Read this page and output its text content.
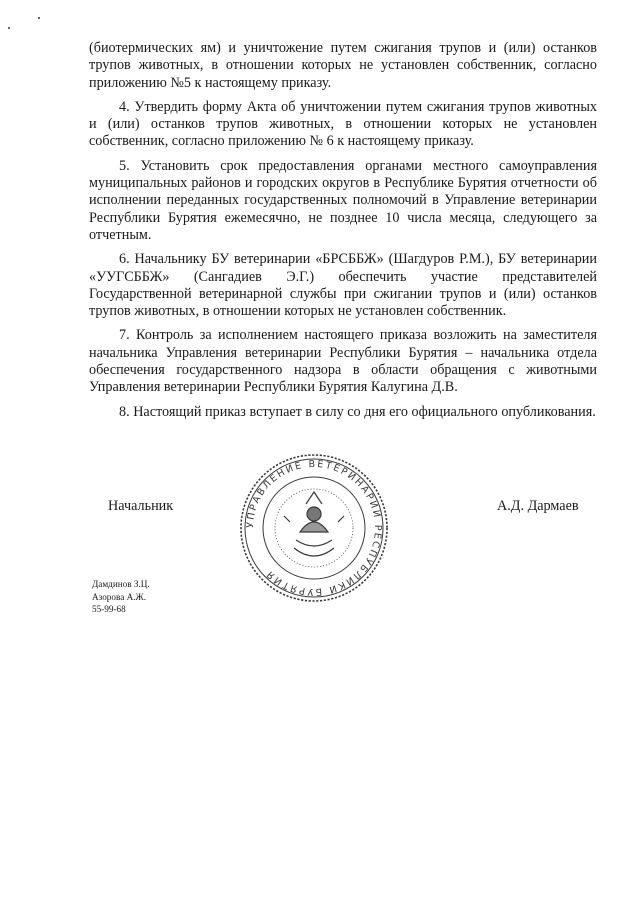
(биотермических ям) и уничтожение путем сжигания трупов и (или) останков трупов животных, в отношении которых не установлен собственник, согласно приложению №5 к настоящему приказу.

4. Утвердить форму Акта об уничтожении путем сжигания трупов животных и (или) останков трупов животных, в отношении которых не установлен собственник, согласно приложению № 6 к настоящему приказу.

5. Установить срок предоставления органами местного самоуправления муниципальных районов и городских округов в Республике Бурятия отчетности об исполнении переданных государственных полномочий в Управление ветеринарии Республики Бурятия ежемесячно, не позднее 10 числа месяца, следующего за отчетным.

6. Начальнику БУ ветеринарии «БРСББЖ» (Шагдуров Р.М.), БУ ветеринарии «УУГСББЖ» (Сангадиев Э.Г.) обеспечить участие представителей Государственной ветеринарной службы при сжигании трупов и (или) останков трупов животных, в отношении которых не установлен собственник.

7. Контроль за исполнением настоящего приказа возложить на заместителя начальника Управления ветеринарии Республики Бурятия – начальника отдела обеспечения государственного надзора в области обращения с животными Управления ветеринарии Республики Бурятия Калугина Д.В.

8. Настоящий приказ вступает в силу со дня его официального опубликования.

Начальник	А.Д. Дармаев
УПРАВЛЕНИЕ ВЕТЕРИНАРИИ РЕСПУБЛИКИ БУРЯТИЯ
Дамдинов З.Ц.
Азорова А.Ж.
55-99-68
